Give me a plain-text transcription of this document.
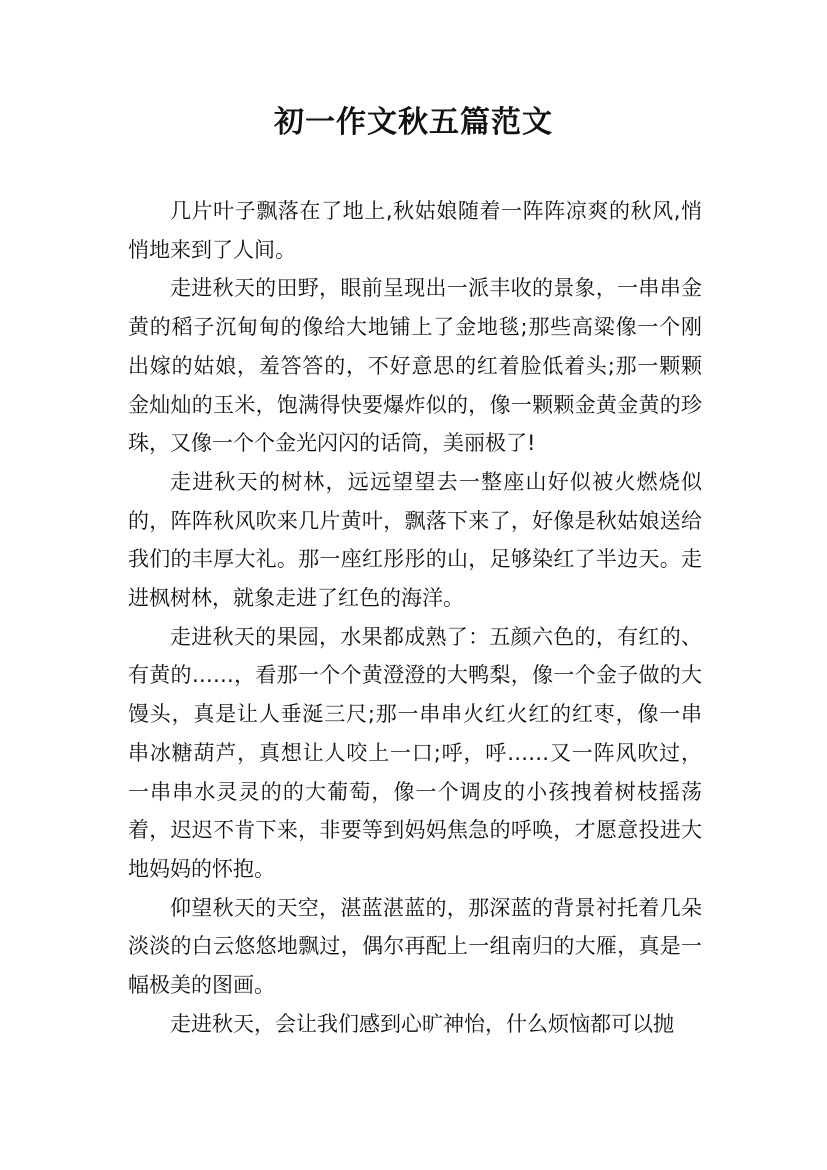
初一作文秋五篇范文

几片叶子飘落在了地上,秋姑娘随着一阵阵凉爽的秋风,悄悄地来到了人间。

走进秋天的田野，眼前呈现出一派丰收的景象，一串串金黄的稻子沉甸甸的像给大地铺上了金地毯;那些高粱像一个刚出嫁的姑娘，羞答答的，不好意思的红着脸低着头;那一颗颗金灿灿的玉米，饱满得快要爆炸似的，像一颗颗金黄金黄的珍珠，又像一个个金光闪闪的话筒，美丽极了!

走进秋天的树林，远远望望去一整座山好似被火燃烧似的，阵阵秋风吹来几片黄叶，飘落下来了，好像是秋姑娘送给我们的丰厚大礼。那一座红彤彤的山，足够染红了半边天。走进枫树林，就象走进了红色的海洋。

走进秋天的果园，水果都成熟了：五颜六色的，有红的、有黄的……，看那一个个黄澄澄的大鸭梨，像一个金子做的大馒头，真是让人垂涎三尺;那一串串火红火红的红枣，像一串串冰糖葫芦，真想让人咬上一口;呼，呼……又一阵风吹过，一串串水灵灵的的大葡萄，像一个调皮的小孩拽着树枝摇荡着，迟迟不肯下来，非要等到妈妈焦急的呼唤，才愿意投进大地妈妈的怀抱。

仰望秋天的天空，湛蓝湛蓝的，那深蓝的背景衬托着几朵淡淡的白云悠悠地飘过，偶尔再配上一组南归的大雁，真是一幅极美的图画。

走进秋天，会让我们感到心旷神怡，什么烦恼都可以抛
